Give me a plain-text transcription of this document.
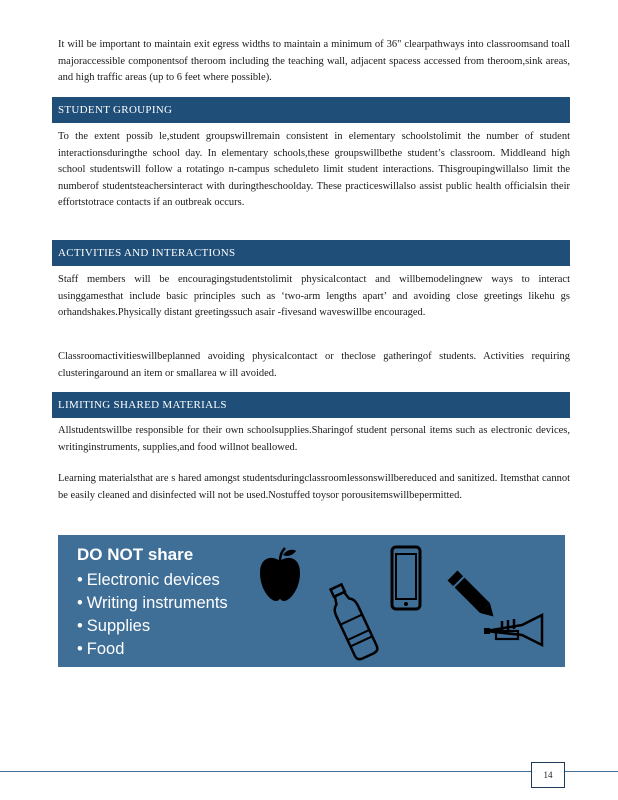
It will be important to maintain exit egress widths to maintain a minimum of 36" clearpathways into classroomsand toall majoraccessible componentsof theroom including the teaching wall, adjacent spacess accessed from theroom,sink areas, and high traffic areas (up to 6 feet where possible).

STUDENT GROUPING

To the extent possib le,student groupswillremain consistent in elementary schoolstolimit the number of student interactionsduringthe school day. In elementary schools,these groupswillbethe student’s classroom. Middleand high school studentswill follow a rotatingo n-campus scheduleto limit student interactions. Thisgroupingwillalso limit the numberof studentsteachersinteract with duringtheschoolday. These practiceswillalso assist public health officialsin their effortstotrace contacts if an outbreak occurs.

ACTIVITIES AND INTERACTIONS

Staff members will be encouragingstudentstolimit physicalcontact and willbemodelingnew ways to interact usinggamesthat include basic principles such as ‘two-arm lengths apart’ and avoiding close greetings likehu gs orhandshakes.Physically distant greetingssuch asair -fivesand waveswillbe encouraged.

Classroomactivitieswillbeplanned avoiding physicalcontact or theclose gatheringof students. Activities requiring clusteringaround an item or smallarea w ill avoided.

LIMITING SHARED MATERIALS

Allstudentswillbe responsible for their own schoolsupplies.Sharingof student personal items such as electronic devices, writinginstruments, supplies,and food willnot beallowed.

Learning materialsthat are s hared amongst studentsduringclassroomlessonswillbereduced and sanitized. Itemsthat cannot be easily cleaned and disinfected will not be used.Nostuffed toysor porousitemswillbepermitted.

DO NOT share
• Electronic devices
• Writing instruments
• Supplies
• Food
14
